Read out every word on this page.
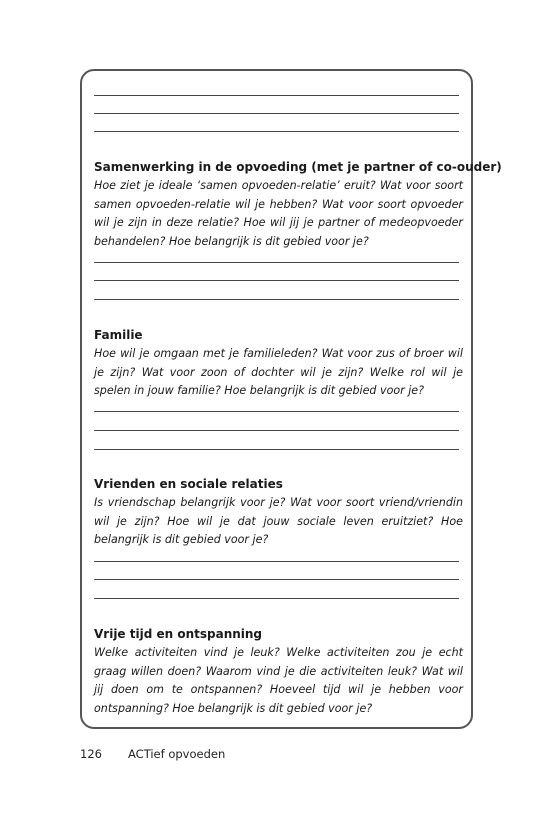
Samenwerking in de opvoeding (met je partner of co-ouder)
Hoe ziet je ideale ‘samen opvoeden-relatie’ eruit? Wat voor soort samen opvoeden-relatie wil je hebben? Wat voor soort opvoeder wil je zijn in deze relatie? Hoe wil jij je partner of medeopvoeder behandelen? Hoe belangrijk is dit gebied voor je?
Familie
Hoe wil je omgaan met je familieleden? Wat voor zus of broer wil je zijn? Wat voor zoon of dochter wil je zijn? Welke rol wil je spelen in jouw familie? Hoe belangrijk is dit gebied voor je?
Vrienden en sociale relaties
Is vriendschap belangrijk voor je? Wat voor soort vriend/vriendin wil je zijn? Hoe wil je dat jouw sociale leven eruitziet? Hoe belangrijk is dit gebied voor je?
Vrije tijd en ontspanning
Welke activiteiten vind je leuk? Welke activiteiten zou je echt graag willen doen? Waarom vind je die activiteiten leuk? Wat wil jij doen om te ontspannen? Hoeveel tijd wil je hebben voor ontspanning? Hoe belangrijk is dit gebied voor je?
126 ACTief opvoeden
